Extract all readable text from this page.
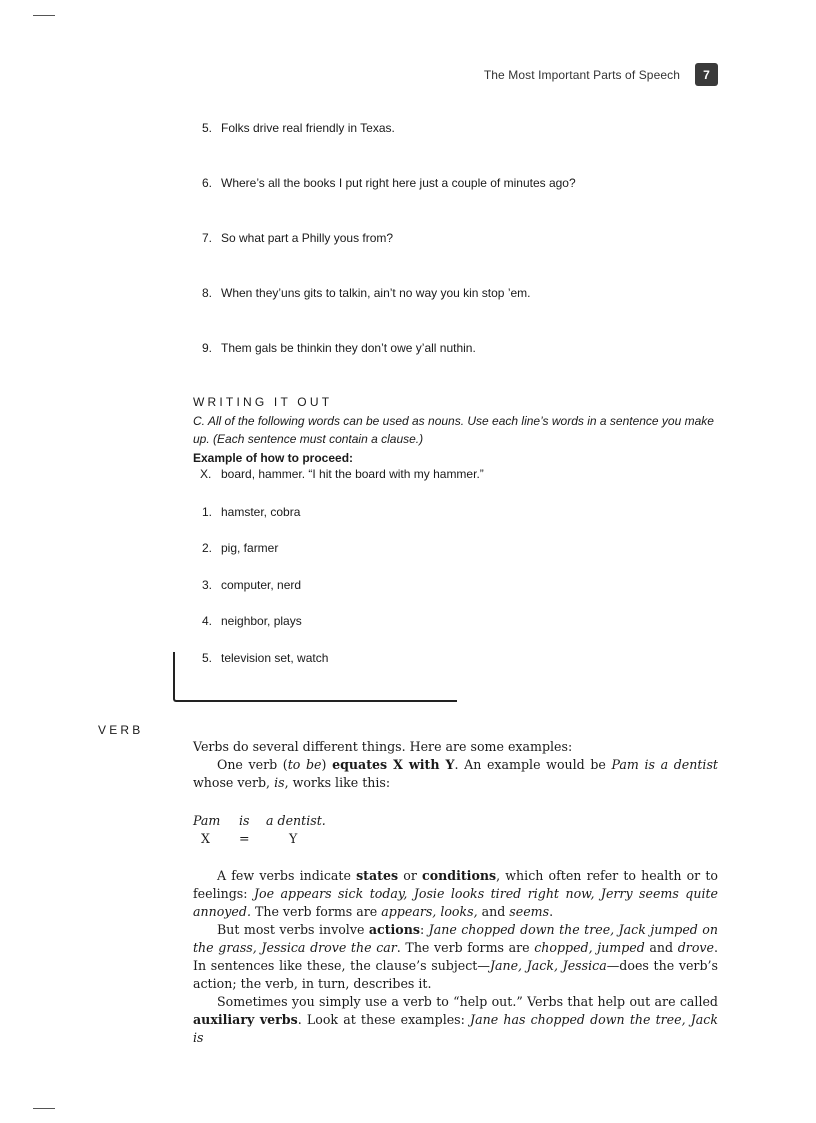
The Most Important Parts of Speech	7
5. Folks drive real friendly in Texas.
6. Where’s all the books I put right here just a couple of minutes ago?
7. So what part a Philly yous from?
8. When they’uns gits to talkin, ain’t no way you kin stop ’em.
9. Them gals be thinkin they don’t owe y’all nuthin.
WRITING IT OUT
C. All of the following words can be used as nouns. Use each line’s words in a sentence you make up. (Each sentence must contain a clause.)
Example of how to proceed:
X. board, hammer. “I hit the board with my hammer.”
1. hamster, cobra
2. pig, farmer
3. computer, nerd
4. neighbor, plays
5. television set, watch
VERB

Verbs do several different things. Here are some examples:

One verb (to be) equates X with Y. An example would be Pam is a dentist whose verb, is, works like this:

Pam is a dentist.
X =	Y

A few verbs indicate states or conditions, which often refer to health or to feelings: Joe appears sick today, Josie looks tired right now, Jerry seems quite annoyed. The verb forms are appears, looks, and seems.

But most verbs involve actions: Jane chopped down the tree, Jack jumped on the grass, Jessica drove the car. The verb forms are chopped, jumped and drove. In sentences like these, the clause’s subject—Jane, Jack, Jessica—does the verb’s action; the verb, in turn, describes it.

Sometimes you simply use a verb to “help out.” Verbs that help out are called auxiliary verbs. Look at these examples: Jane has chopped down the tree, Jack is
